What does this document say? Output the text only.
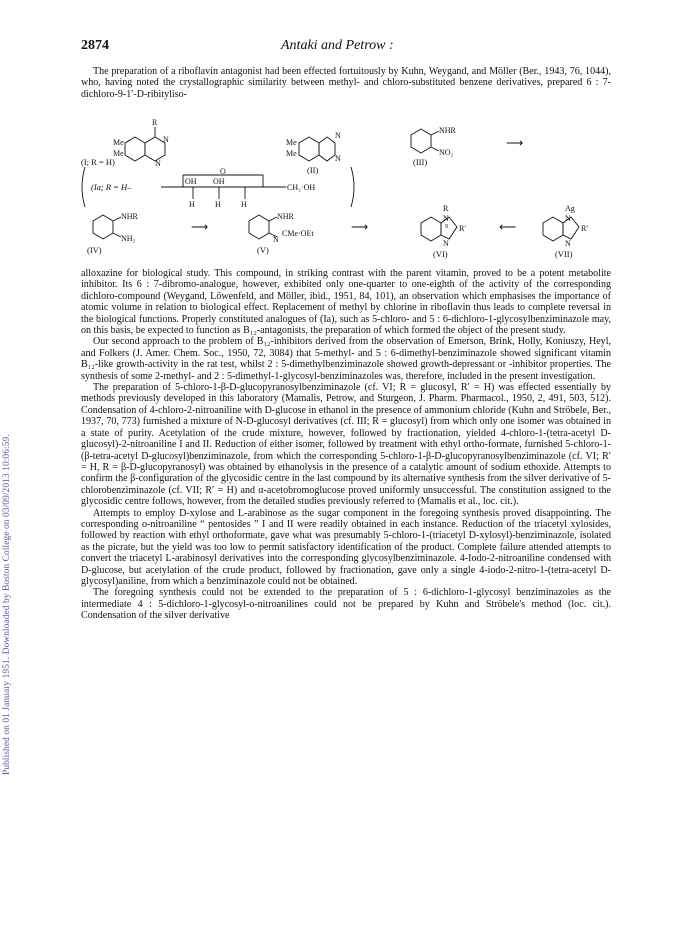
Published on 01 January 1951. Downloaded by Boston College on 03/09/2013 10:06:59.
2874	Antaki and Petrow :

The preparation of a riboflavin antagonist had been effected fortuitously by Kuhn, Weygand, and Möller (Ber., 1943, 76, 1044), who, having noted the crystallographic similarity between methyl- and chloro-substituted benzene derivatives, prepared 6 : 7-dichloro-9-1′-D-ribityliso-

R
Me
Me
N
N
Me
Me
N
N
NHR
NO₂
⟶
(I; R = H)
(II)
(III)
(Ia; R = H–
O
OH OH
H	H	H
CH₂·OH
NHR
NH₂
(IV)
⟶
NHR
N
CMe·OEt
(V)
⟶
R
N
N
R′
9
(VI)
⟵
Ag
N
N
R′
(VII)

alloxazine for biological study. This compound, in striking contrast with the parent vitamin, proved to be a potent metabolite inhibitor. Its 6 : 7-dibromo-analogue, however, exhibited only one-quarter to one-eighth of the activity of the corresponding dichloro-compound (Weygand, Löwenfeld, and Möller, ibid., 1951, 84, 101), an observation which emphasises the importance of atomic volume in relation to biological effect. Replacement of methyl by chlorine in riboflavin thus leads to complete reversal in the biological functions. Properly constituted analogues of (Ia), such as 5-chloro- and 5 : 6-dichloro-1-glycosylbenziminazole may, on this basis, be expected to function as B₁₂-antagonists, the preparation of which formed the object of the present study.

Our second approach to the problem of B₁₂-inhibitors derived from the observation of Emerson, Brink, Holly, Koniuszy, Heyl, and Folkers (J. Amer. Chem. Soc., 1950, 72, 3084) that 5-methyl- and 5 : 6-dimethyl-benziminazole showed significant vitamin B₁₂-like growth-activity in the rat test, whilst 2 : 5-dimethylbenziminazole showed growth-depressant or -inhibitor properties. The synthesis of some 2-methyl- and 2 : 5-dimethyl-1-glycosyl-benziminazoles was, therefore, included in the present investigation.

The preparation of 5-chloro-1-β-D-glucopyranosylbenziminazole (cf. VI; R = glucosyl, R′ = H) was effected essentially by methods previously developed in this laboratory (Mamalis, Petrow, and Sturgeon, J. Pharm. Pharmacol., 1950, 2, 491, 503, 512). Condensation of 4-chloro-2-nitroaniline with D-glucose in ethanol in the presence of ammonium chloride (Kuhn and Ströbele, Ber., 1937, 70, 773) furnished a mixture of N-D-glucosyl derivatives (cf. III; R = glucosyl) from which only one isomer was obtained in a state of purity. Acetylation of the crude mixture, however, followed by fractionation, yielded 4-chloro-1-(tetra-acetyl D-glucosyl)-2-nitroaniline I and II. Reduction of either isomer, followed by treatment with ethyl ortho-formate, furnished 5-chloro-1-(β-tetra-acetyl D-glucosyl)benziminazole, from which the corresponding 5-chloro-1-β-D-glucopyranosylbenziminazole (cf. VI; R′ = H, R = β-D-glucopyranosyl) was obtained by ethanolysis in the presence of a catalytic amount of sodium ethoxide. Attempts to confirm the β-configuration of the glycosidic centre in the last compound by its alternative synthesis from the silver derivative of 5-chlorobenziminazole (cf. VII; R′ = H) and α-acetobromoglucose proved uniformly unsuccessful. The constitution assigned to the glycosidic centre follows, however, from the detailed studies previously referred to (Mamalis et al., loc. cit.).

Attempts to employ D-xylose and L-arabinose as the sugar component in the foregoing synthesis proved disappointing. The corresponding o-nitroaniline “ pentosides ” I and II were readily obtained in each instance. Reduction of the triacetyl xylosides, followed by reaction with ethyl orthoformate, gave what was presumably 5-chloro-1-(triacetyl D-xylosyl)-benziminazole, isolated as the picrate, but the yield was too low to permit satisfactory identification of the product. Complete failure attended attempts to convert the triacetyl L-arabinosyl derivatives into the corresponding glycosylbenziminazole. 4-Iodo-2-nitroaniline condensed with D-glucose, but acetylation of the crude product, followed by fractionation, gave only a single 4-iodo-2-nitro-1-(tetra-acetyl D-glycosyl)aniline, from which a benziminazole could not be obtained.

The foregoing synthesis could not be extended to the preparation of 5 : 6-dichloro-1-glycosyl benziminazoles as the intermediate 4 : 5-dichloro-1-glycosyl-o-nitroanilines could not be prepared by Kuhn and Ströbele's method (loc. cit.). Condensation of the silver derivative
